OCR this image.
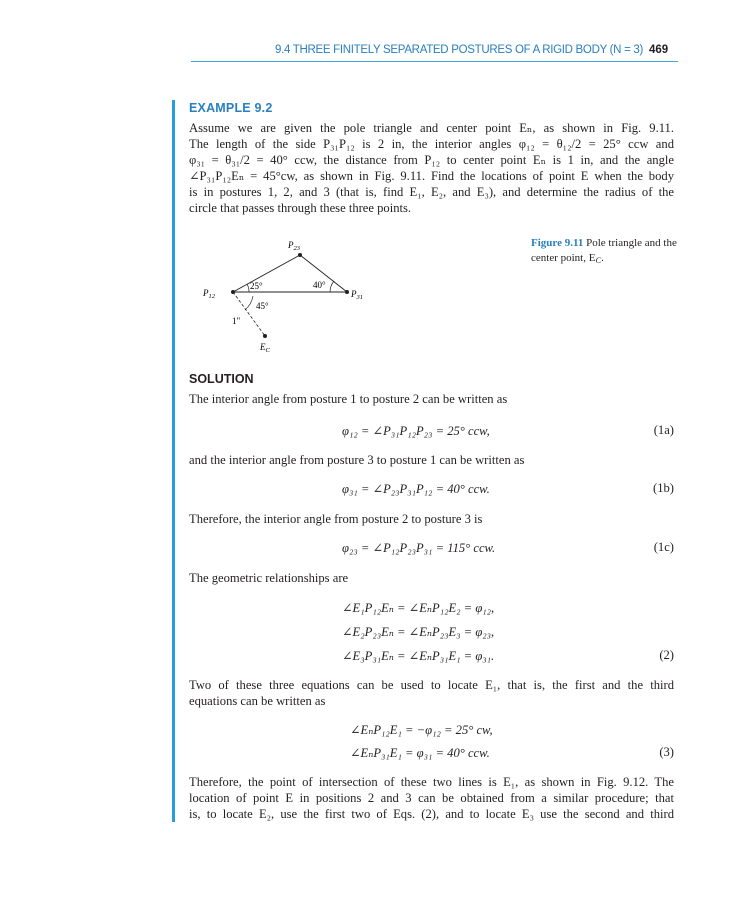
9.4 THREE FINITELY SEPARATED POSTURES OF A RIGID BODY (N = 3) 469
EXAMPLE 9.2
Assume we are given the pole triangle and center point Eₙ, as shown in Fig. 9.11.
The length of the side P₃₁P₁₂ is 2 in, the interior angles φ₁₂ = θ₁₂/2 = 25° ccw and
φ₃₁ = θ₃₁/2 = 40° ccw, the distance from P₁₂ to center point Eₙ is 1 in, and the angle
∠P₃₁P₁₂Eₙ = 45°cw, as shown in Fig. 9.11. Find the locations of point E when the body
is in postures 1, 2, and 3 (that is, find E₁, E₂, and E₃), and determine the radius of the
circle that passes through these three points.
$P_{23}$
$P_{12}$	$P_{31}$
$E_C$
25°	40°
45°
1"
Figure 9.11 Pole triangle and the center point, $E_C$.
SOLUTION
The interior angle from posture 1 to posture 2 can be written as
φ₁₂ = ∠P₃₁P₁₂P₂₃ = 25° ccw,	(1a)
and the interior angle from posture 3 to posture 1 can be written as
φ₃₁ = ∠P₂₃P₃₁P₁₂ = 40° ccw.	(1b)
Therefore, the interior angle from posture 2 to posture 3 is
φ₂₃ = ∠P₁₂P₂₃P₃₁ = 115° ccw.	(1c)
The geometric relationships are
∠E₁P₁₂Eₙ = ∠EₙP₁₂E₂ = φ₁₂,
∠E₂P₂₃Eₙ = ∠EₙP₂₃E₃ = φ₂₃,
∠E₃P₃₁Eₙ = ∠EₙP₃₁E₁ = φ₃₁.	(2)
Two of these three equations can be used to locate E₁, that is, the first and the third
equations can be written as
∠EₙP₁₂E₁ = −φ₁₂ = 25° cw,
∠EₙP₃₁E₁ = φ₃₁ = 40° ccw.	(3)
Therefore, the point of intersection of these two lines is E₁, as shown in Fig. 9.12. The
location of point E in positions 2 and 3 can be obtained from a similar procedure; that
is, to locate E₂, use the first two of Eqs. (2), and to locate E₃ use the second and third
